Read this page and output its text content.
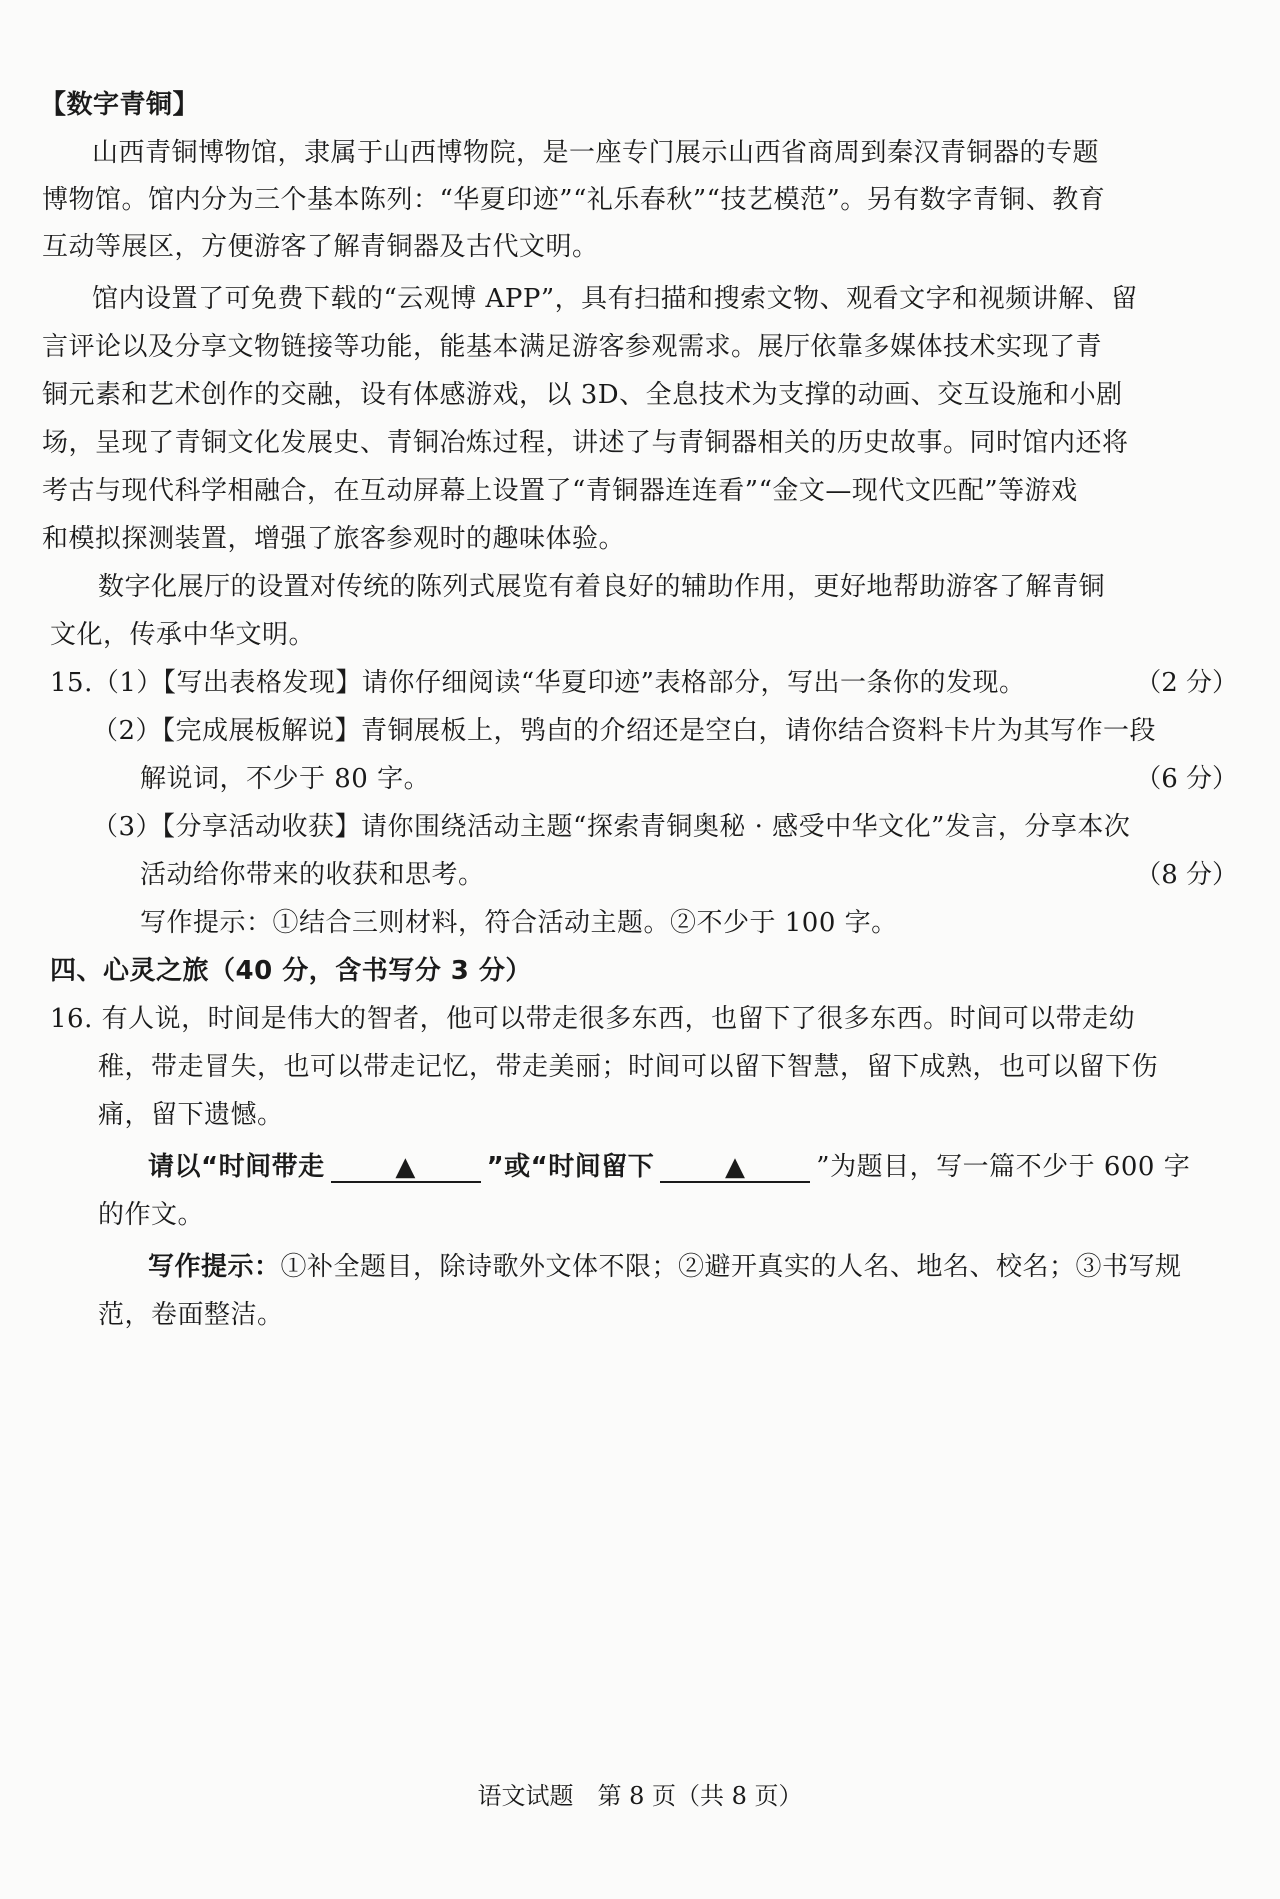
【数字青铜】
山西青铜博物馆，隶属于山西博物院，是一座专门展示山西省商周到秦汉青铜器的专题
博物馆。馆内分为三个基本陈列：“华夏印迹”“礼乐春秋”“技艺模范”。另有数字青铜、教育
互动等展区，方便游客了解青铜器及古代文明。
馆内设置了可免费下载的“云观博 APP”，具有扫描和搜索文物、观看文字和视频讲解、留
言评论以及分享文物链接等功能，能基本满足游客参观需求。展厅依靠多媒体技术实现了青
铜元素和艺术创作的交融，设有体感游戏，以 3D、全息技术为支撑的动画、交互设施和小剧
场，呈现了青铜文化发展史、青铜冶炼过程，讲述了与青铜器相关的历史故事。同时馆内还将
考古与现代科学相融合，在互动屏幕上设置了“青铜器连连看”“金文—现代文匹配”等游戏
和模拟探测装置，增强了旅客参观时的趣味体验。
数字化展厅的设置对传统的陈列式展览有着良好的辅助作用，更好地帮助游客了解青铜
文化，传承中华文明。
15.（1）【写出表格发现】请你仔细阅读“华夏印迹”表格部分，写出一条你的发现。	（2 分）
（2）【完成展板解说】青铜展板上，鸮卣的介绍还是空白，请你结合资料卡片为其写作一段
解说词，不少于 80 字。	（6 分）
（3）【分享活动收获】请你围绕活动主题“探索青铜奥秘 · 感受中华文化”发言，分享本次
活动给你带来的收获和思考。	（8 分）
写作提示：①结合三则材料，符合活动主题。②不少于 100 字。
四、心灵之旅（40 分，含书写分 3 分）
16. 有人说，时间是伟大的智者，他可以带走很多东西，也留下了很多东西。时间可以带走幼
稚，带走冒失，也可以带走记忆，带走美丽；时间可以留下智慧，留下成熟，也可以留下伤
痛，留下遗憾。
请以“时间带走	▲	”或“时间留下	▲	”为题目，写一篇不少于 600 字
的作文。
写作提示：①补全题目，除诗歌外文体不限；②避开真实的人名、地名、校名；③书写规
范，卷面整洁。
语文试题　第 8 页（共 8 页）
